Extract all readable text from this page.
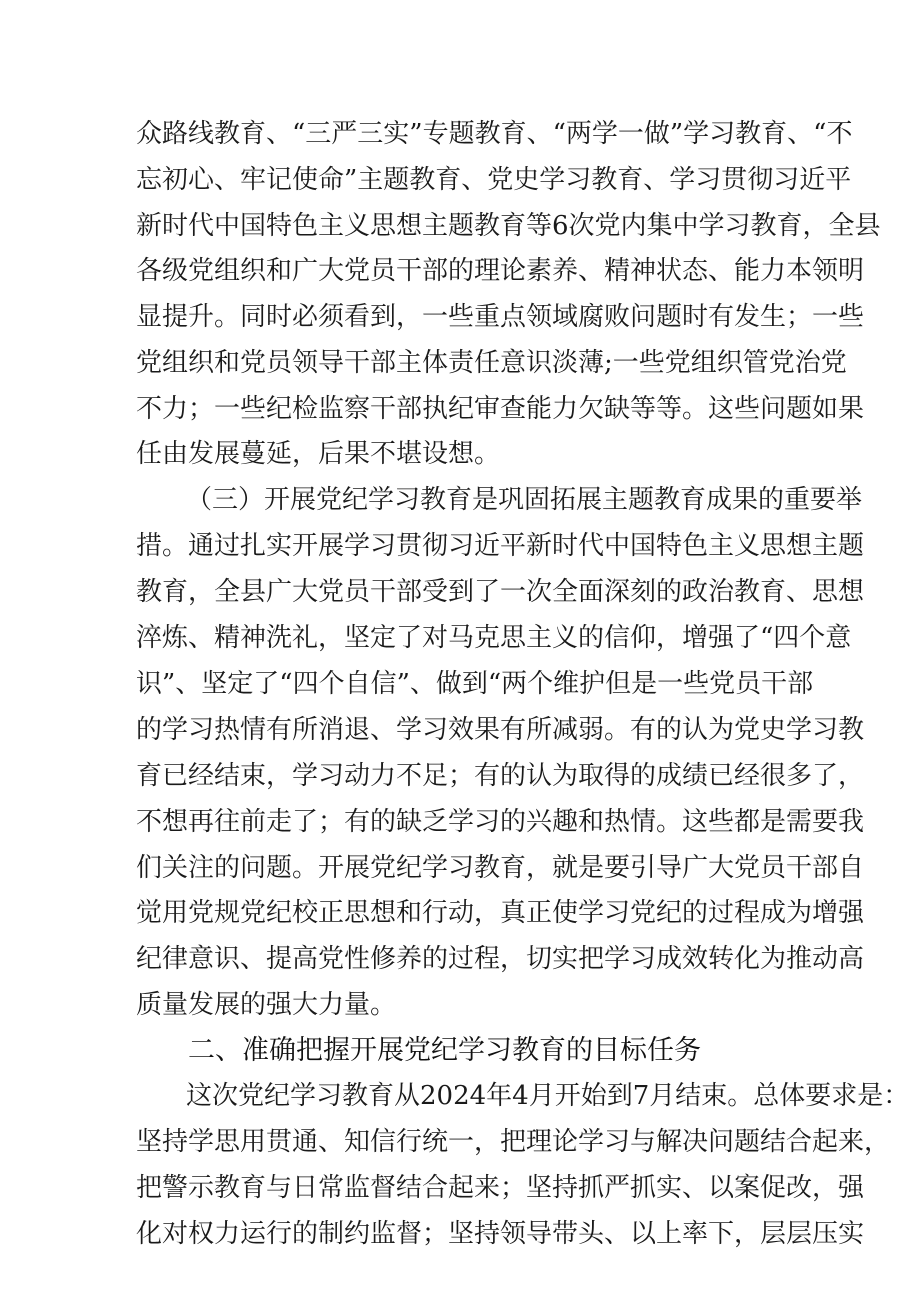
众路线教育、“三严三实”专题教育、“两学一做”学习教育、“不
忘初心、牢记使命”主题教育、党史学习教育、学习贯彻习近平
新时代中国特色主义思想主题教育等6次党内集中学习教育，全县
各级党组织和广大党员干部的理论素养、精神状态、能力本领明
显提升。同时必须看到，一些重点领域腐败问题时有发生；一些
党组织和党员领导干部主体责任意识淡薄;一些党组织管党治党
不力；一些纪检监察干部执纪审查能力欠缺等等。这些问题如果
任由发展蔓延，后果不堪设想。
（三）开展党纪学习教育是巩固拓展主题教育成果的重要举
措。通过扎实开展学习贯彻习近平新时代中国特色主义思想主题
教育，全县广大党员干部受到了一次全面深刻的政治教育、思想
淬炼、精神洗礼，坚定了对马克思主义的信仰，增强了“四个意
识”、坚定了“四个自信”、做到“两个维护但是一些党员干部
的学习热情有所消退、学习效果有所减弱。有的认为党史学习教
育已经结束，学习动力不足；有的认为取得的成绩已经很多了，
不想再往前走了；有的缺乏学习的兴趣和热情。这些都是需要我
们关注的问题。开展党纪学习教育，就是要引导广大党员干部自
觉用党规党纪校正思想和行动，真正使学习党纪的过程成为增强
纪律意识、提高党性修养的过程，切实把学习成效转化为推动高
质量发展的强大力量。
二、准确把握开展党纪学习教育的目标任务
这次党纪学习教育从2024年4月开始到7月结束。总体要求是：
坚持学思用贯通、知信行统一，把理论学习与解决问题结合起来，
把警示教育与日常监督结合起来；坚持抓严抓实、以案促改，强
化对权力运行的制约监督；坚持领导带头、以上率下，层层压实
